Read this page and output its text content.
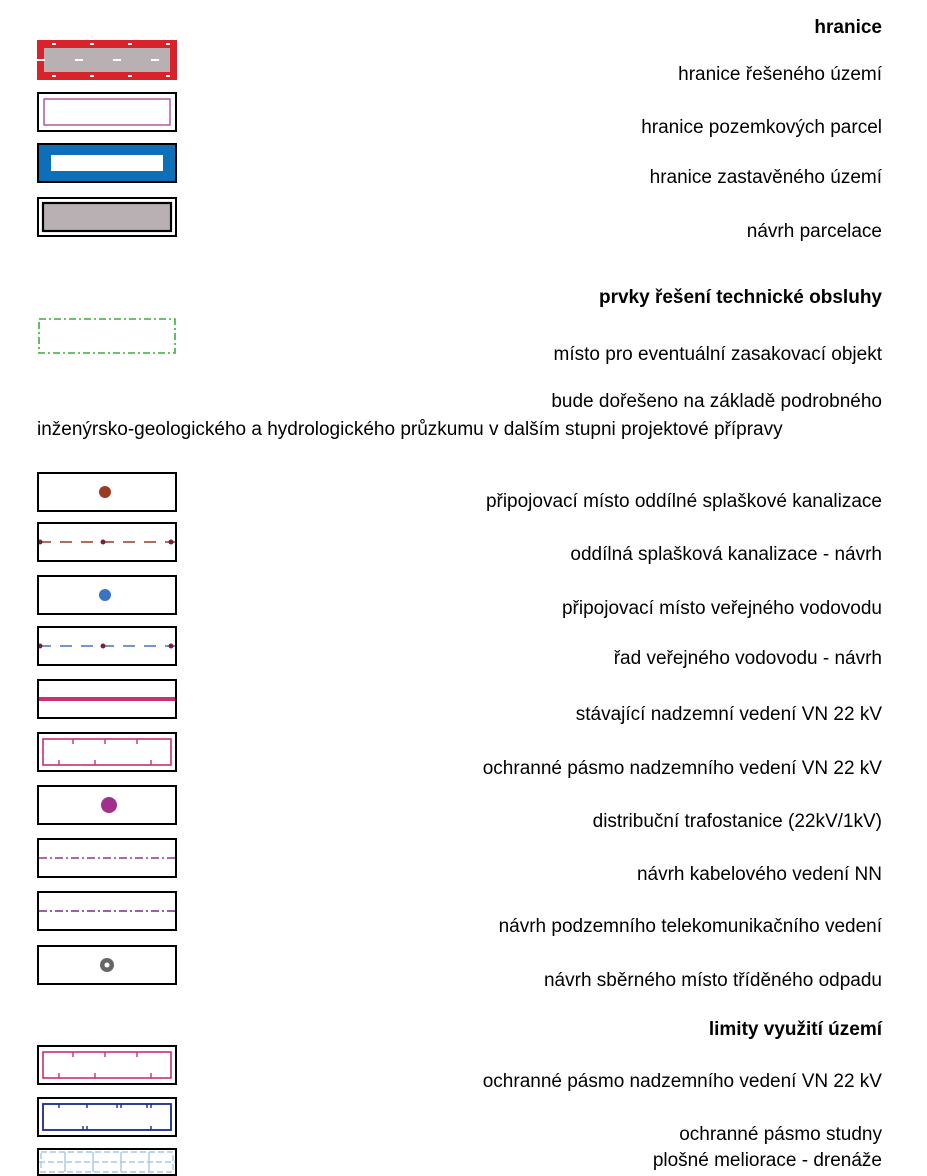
hranice
hranice řešeného území
hranice pozemkových parcel
hranice zastavěného území
návrh parcelace
prvky řešení technické obsluhy
místo pro eventuální zasakovací objekt
bude dořešeno na základě podrobného
inženýrsko-geologického a hydrologického průzkumu v dalším stupni projektové přípravy
připojovací místo oddílné splaškové kanalizace
oddílná splašková kanalizace - návrh
připojovací místo veřejného vodovodu
řad veřejného vodovodu - návrh
stávající nadzemní vedení VN 22 kV
ochranné pásmo nadzemního vedení VN 22 kV
distribuční trafostanice (22kV/1kV)
návrh kabelového vedení NN
návrh podzemního telekomunikačního vedení
návrh sběrného místo tříděného odpadu
limity využití území
ochranné pásmo nadzemního vedení VN 22 kV
ochranné pásmo studny
plošné meliorace - drenáže
